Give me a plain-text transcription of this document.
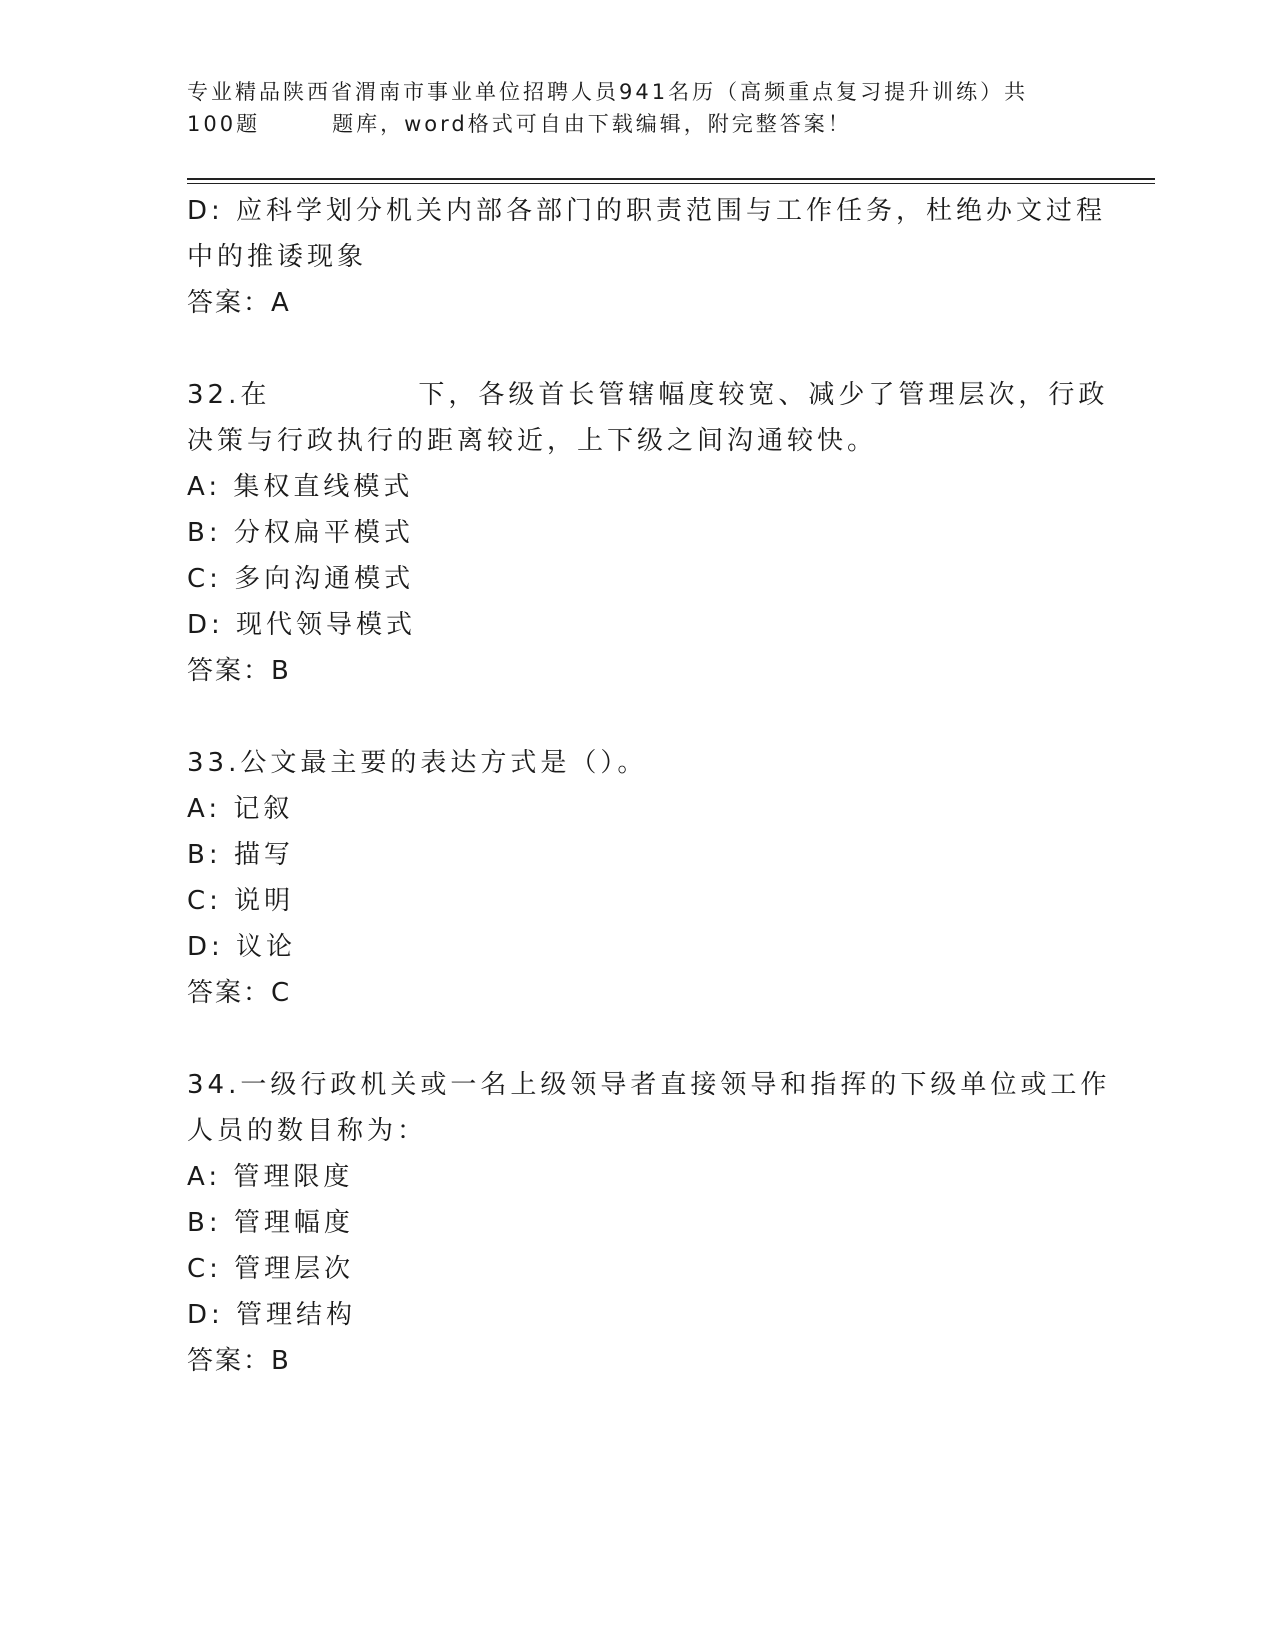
专业精品陕西省渭南市事业单位招聘人员941名历（高频重点复习提升训练）共
100题	题库，word格式可自由下载编辑，附完整答案！
D: 应科学划分机关内部各部门的职责范围与工作任务，杜绝办文过程
中的推诿现象
答案：A
32.在	下，各级首长管辖幅度较宽、减少了管理层次，行政
决策与行政执行的距离较近，上下级之间沟通较快。
A: 集权直线模式
B: 分权扁平模式
C: 多向沟通模式
D: 现代领导模式
答案：B
33.公文最主要的表达方式是（）。
A: 记叙
B: 描写
C: 说明
D: 议论
答案：C
34.一级行政机关或一名上级领导者直接领导和指挥的下级单位或工作
人员的数目称为：
A: 管理限度
B: 管理幅度
C: 管理层次
D: 管理结构
答案：B
